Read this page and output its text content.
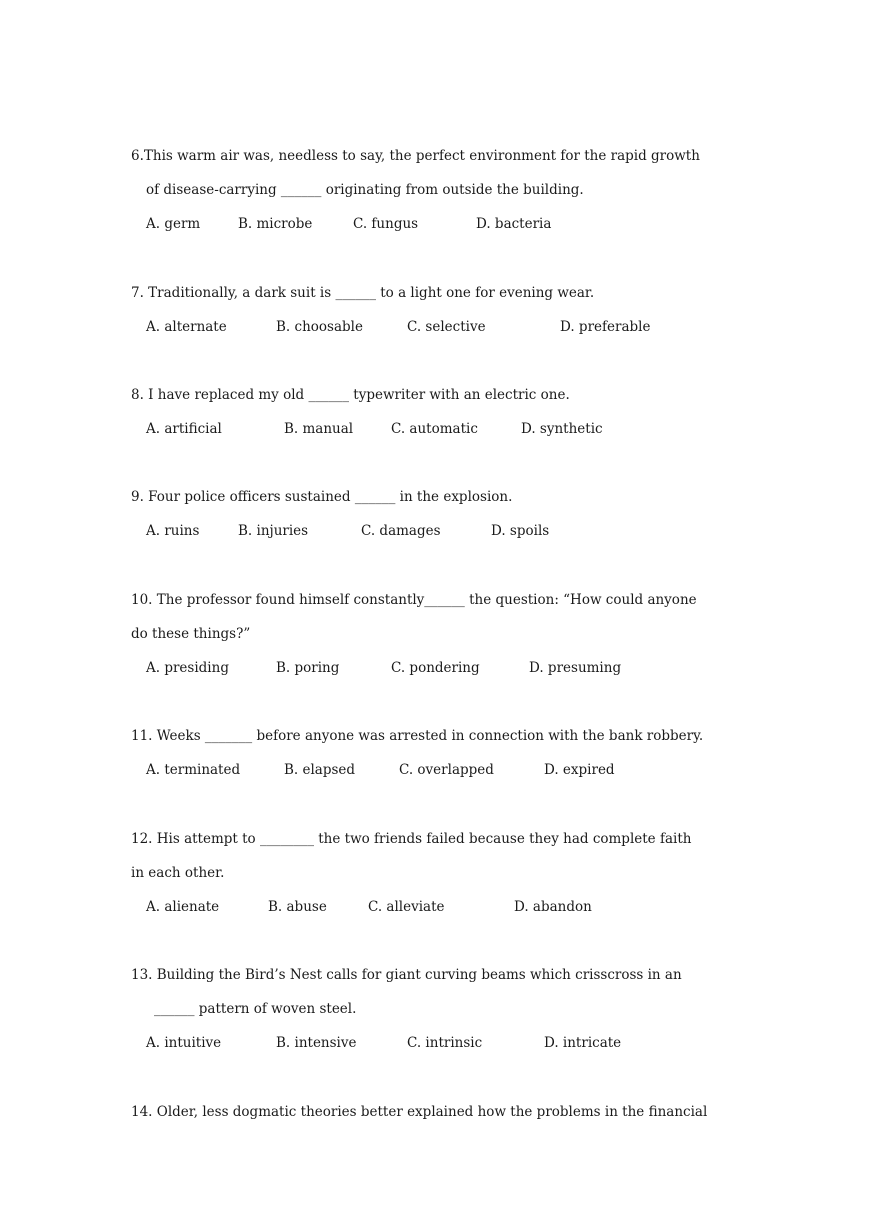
6.This warm air was, needless to say, the perfect environment for the rapid growth
of disease-carrying ______ originating from outside the building.

A. germ

	B. microbe

	C. fungus

	D. bacteria

7. Traditionally, a dark suit is ______ to a light one for evening wear.

A. alternate

	B. choosable

	C. selective

	D. preferable

8. I have replaced my old ______ typewriter with an electric one.

A. artificial

	B. manual

	C. automatic

	D. synthetic

9. Four police officers sustained ______ in the explosion.

A. ruins

	B. injuries

	C. damages

	D. spoils

10. The professor found himself constantly______ the question: “How could anyone
do these things?”

A. presiding

	B. poring

	C. pondering

	D. presuming

11. Weeks _______ before anyone was arrested in connection with the bank robbery.

A. terminated

	B. elapsed

	C. overlapped

	D. expired

12. His attempt to ________ the two friends failed because they had complete faith
in each other.

A. alienate

	B. abuse

	C. alleviate

	D. abandon

13. Building the Bird’s Nest calls for giant curving beams which crisscross in an
______ pattern of woven steel.

A. intuitive

	B. intensive

	C. intrinsic

	D. intricate

14. Older, less dogmatic theories better explained how the problems in the financial
